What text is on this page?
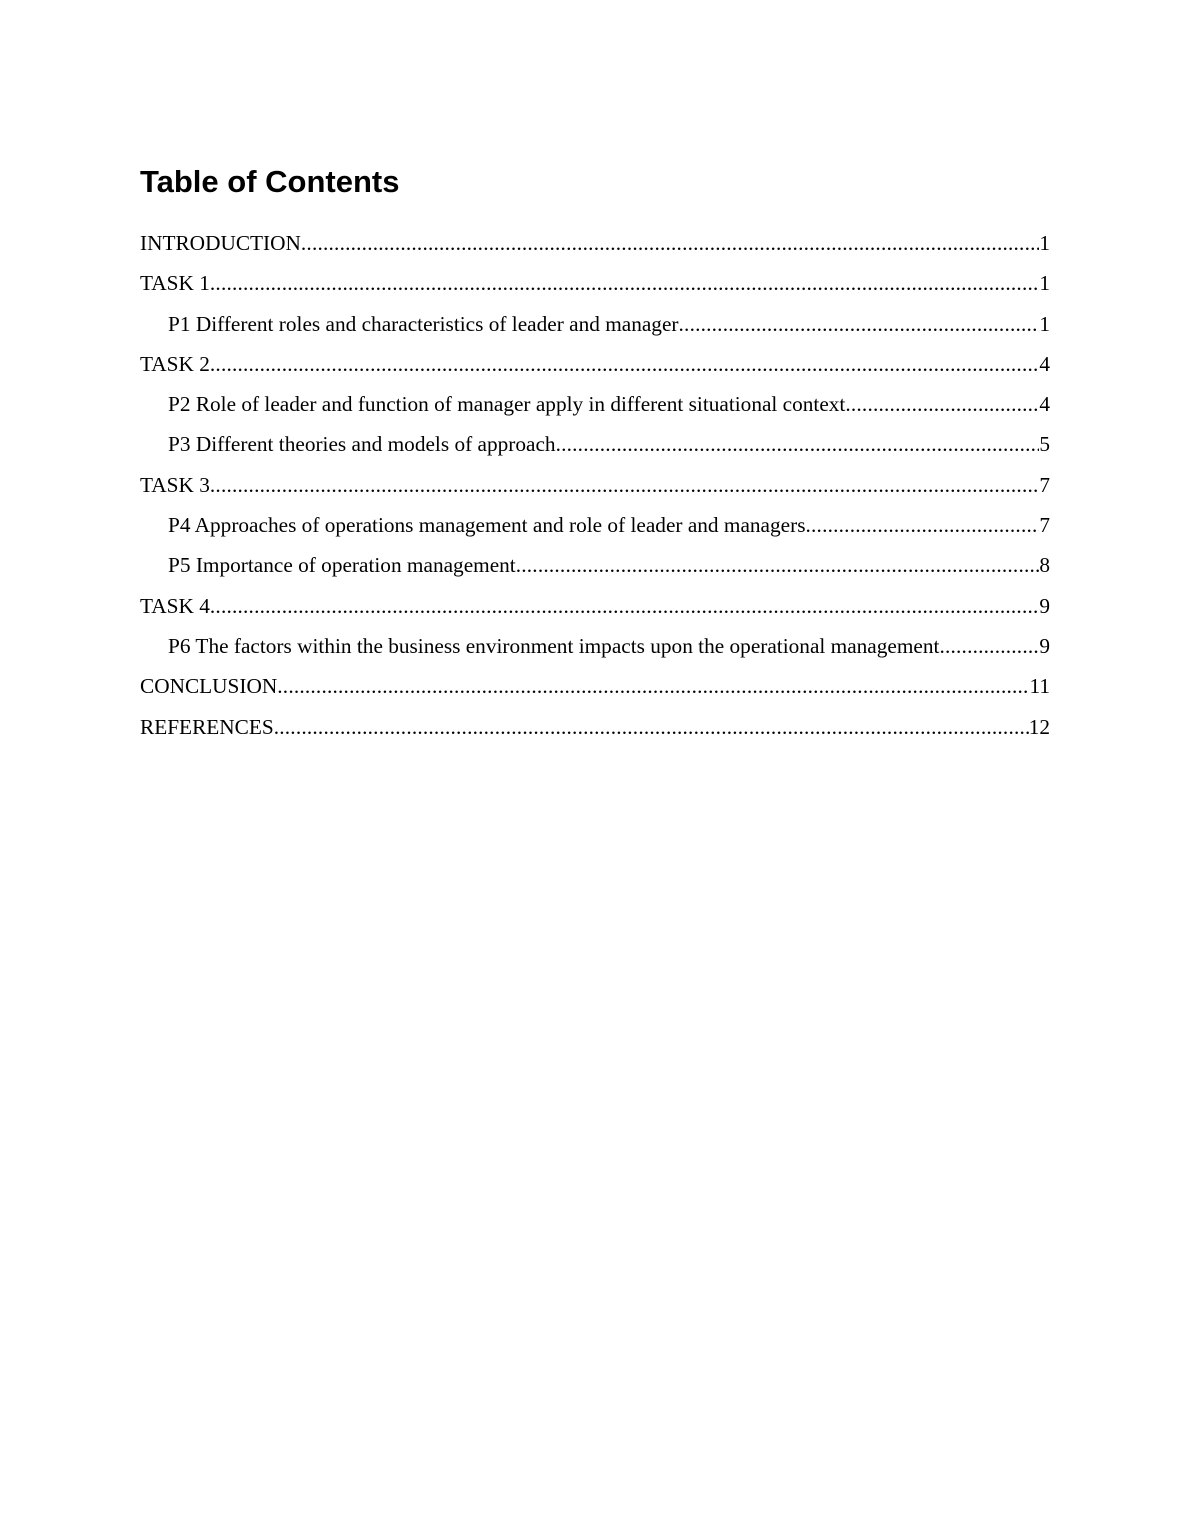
Table of Contents
INTRODUCTION .....	1
TASK 1 .....	1
P1 Different roles and characteristics of leader and manager .....	1
TASK 2 .....	4
P2 Role of leader and function of manager apply in different situational context .....	4
P3 Different theories and models of approach .....	5
TASK 3 .....	7
P4 Approaches of operations management and role of leader and managers .....	7
P5 Importance of operation management .....	8
TASK 4 .....	9
P6 The factors within the business environment impacts upon the operational management .....	9
CONCLUSION .....	11
REFERENCES .....	12
